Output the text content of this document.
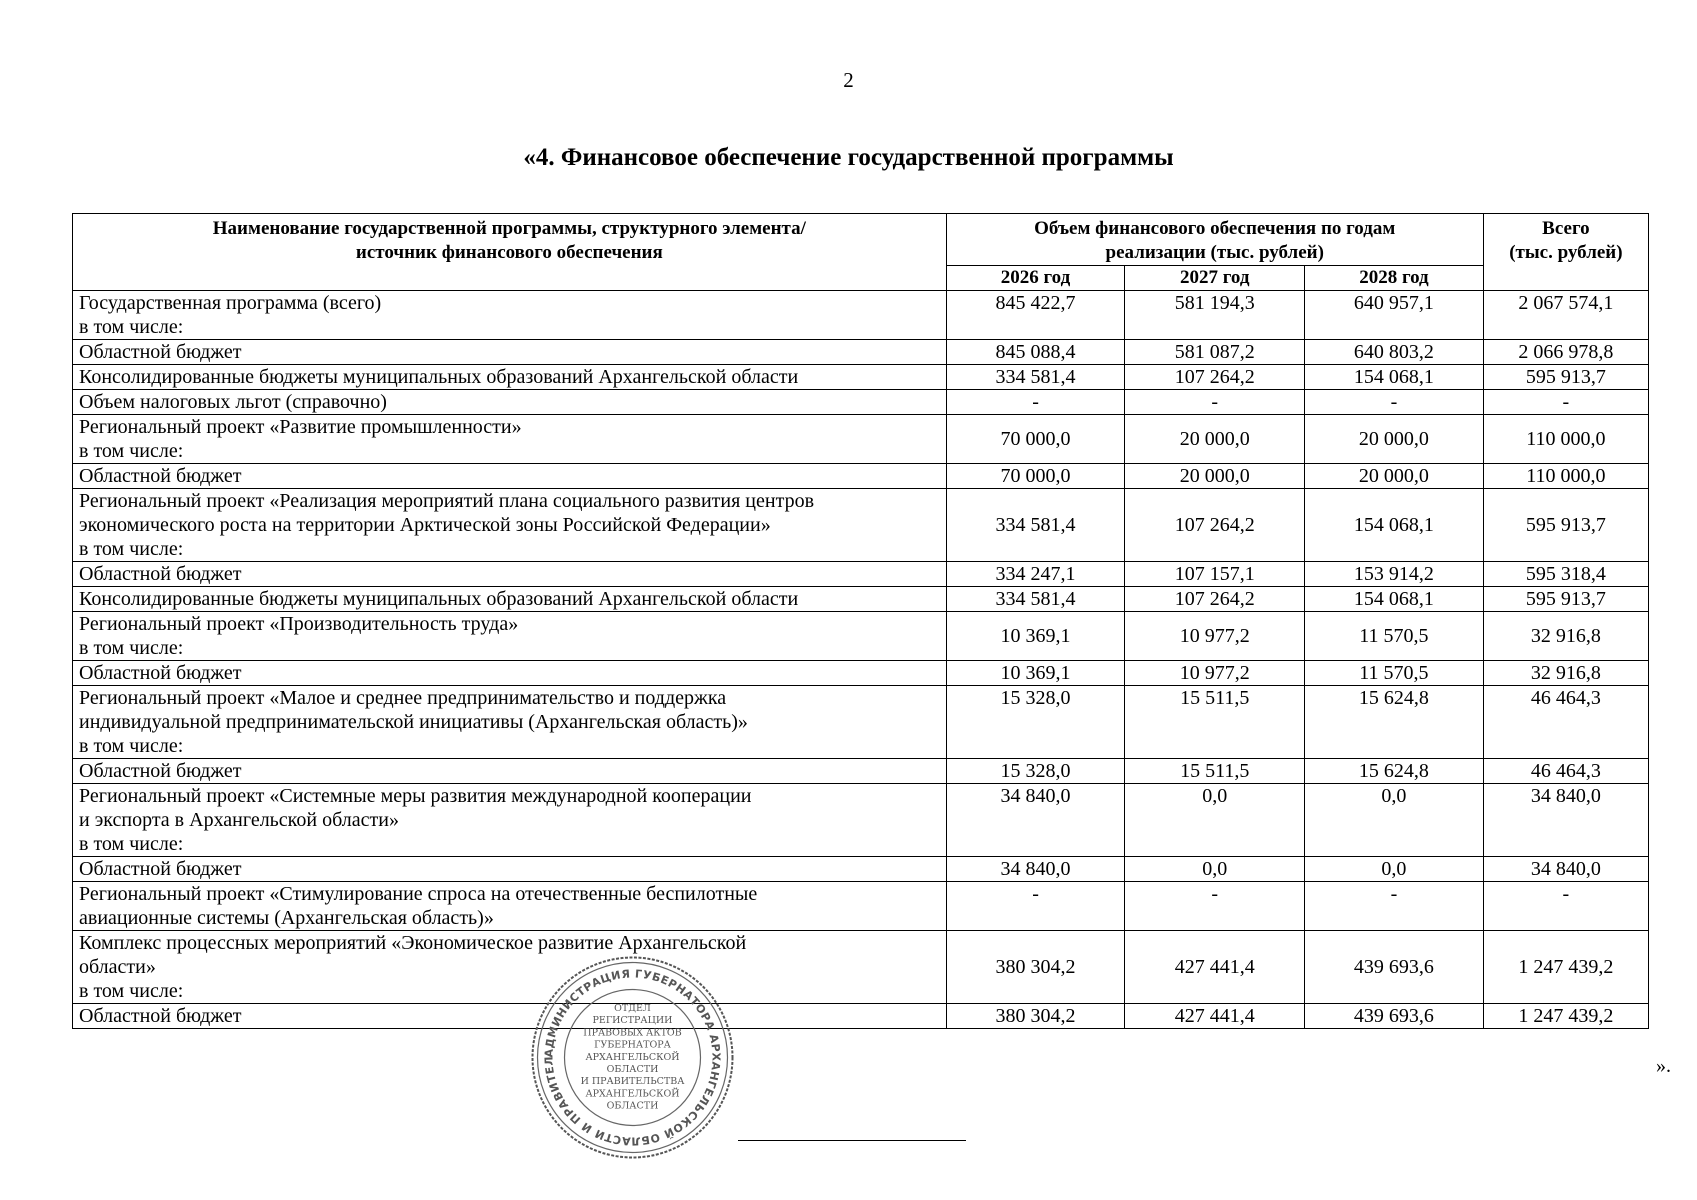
2
«4. Финансовое обеспечение государственной программы
Наименование государственной программы, структурного элемента/
источник финансового обеспечения	Объем финансового обеспечения по годам
реализации (тыс. рублей)			Всего
(тыс. рублей)

	2026 год	2027 год	2028 год	

Государственная программа (всего)
в том числе:	845 422,7	581 194,3	640 957,1	2 067 574,1

Областной бюджет	845 088,4	581 087,2	640 803,2	2 066 978,8

Консолидированные бюджеты муниципальных образований Архангельской области	334 581,4	107 264,2	154 068,1	595 913,7

Объем налоговых льгот (справочно)	-	-	-	-

Региональный проект «Развитие промышленности»
в том числе:	70 000,0	20 000,0	20 000,0	110 000,0

Областной бюджет	70 000,0	20 000,0	20 000,0	110 000,0

Региональный проект «Реализация мероприятий плана социального развития центров
экономического роста на территории Арктической зоны Российской Федерации»
в том числе:	334 581,4	107 264,2	154 068,1	595 913,7

Областной бюджет	334 247,1	107 157,1	153 914,2	595 318,4

Консолидированные бюджеты муниципальных образований Архангельской области	334 581,4	107 264,2	154 068,1	595 913,7

Региональный проект «Производительность труда»
в том числе:	10 369,1	10 977,2	11 570,5	32 916,8

Областной бюджет	10 369,1	10 977,2	11 570,5	32 916,8

Региональный проект «Малое и среднее предпринимательство и поддержка
индивидуальной предпринимательской инициативы (Архангельская область)»
в том числе:	15 328,0	15 511,5	15 624,8	46 464,3

Областной бюджет	15 328,0	15 511,5	15 624,8	46 464,3

Региональный проект «Системные меры развития международной кооперации
и экспорта в Архангельской области»
в том числе:	34 840,0	0,0	0,0	34 840,0

Областной бюджет	34 840,0	0,0	0,0	34 840,0

Региональный проект «Стимулирование спроса на отечественные беспилотные
авиационные системы (Архангельская область)»	-	-	-	-

Комплекс процессных мероприятий «Экономическое развитие Архангельской
области»
в том числе:	380 304,2	427 441,4	439 693,6	1 247 439,2

Областной бюджет	380 304,2	427 441,4	439 693,6	1 247 439,2
».
АДМИНИСТРАЦИЯ ГУБЕРНАТОРА АРХАНГЕЛЬСКОЙ ОБЛАСТИ И ПРАВИТЕЛ
ОТДЕЛ
РЕГИСТРАЦИИ
ПРАВОВЫХ АКТОВ
ГУБЕРНАТОРА
АРХАНГЕЛЬСКОЙ
ОБЛАСТИ
И ПРАВИТЕЛЬСТВА
АРХАНГЕЛЬСКОЙ
ОБЛАСТИ
